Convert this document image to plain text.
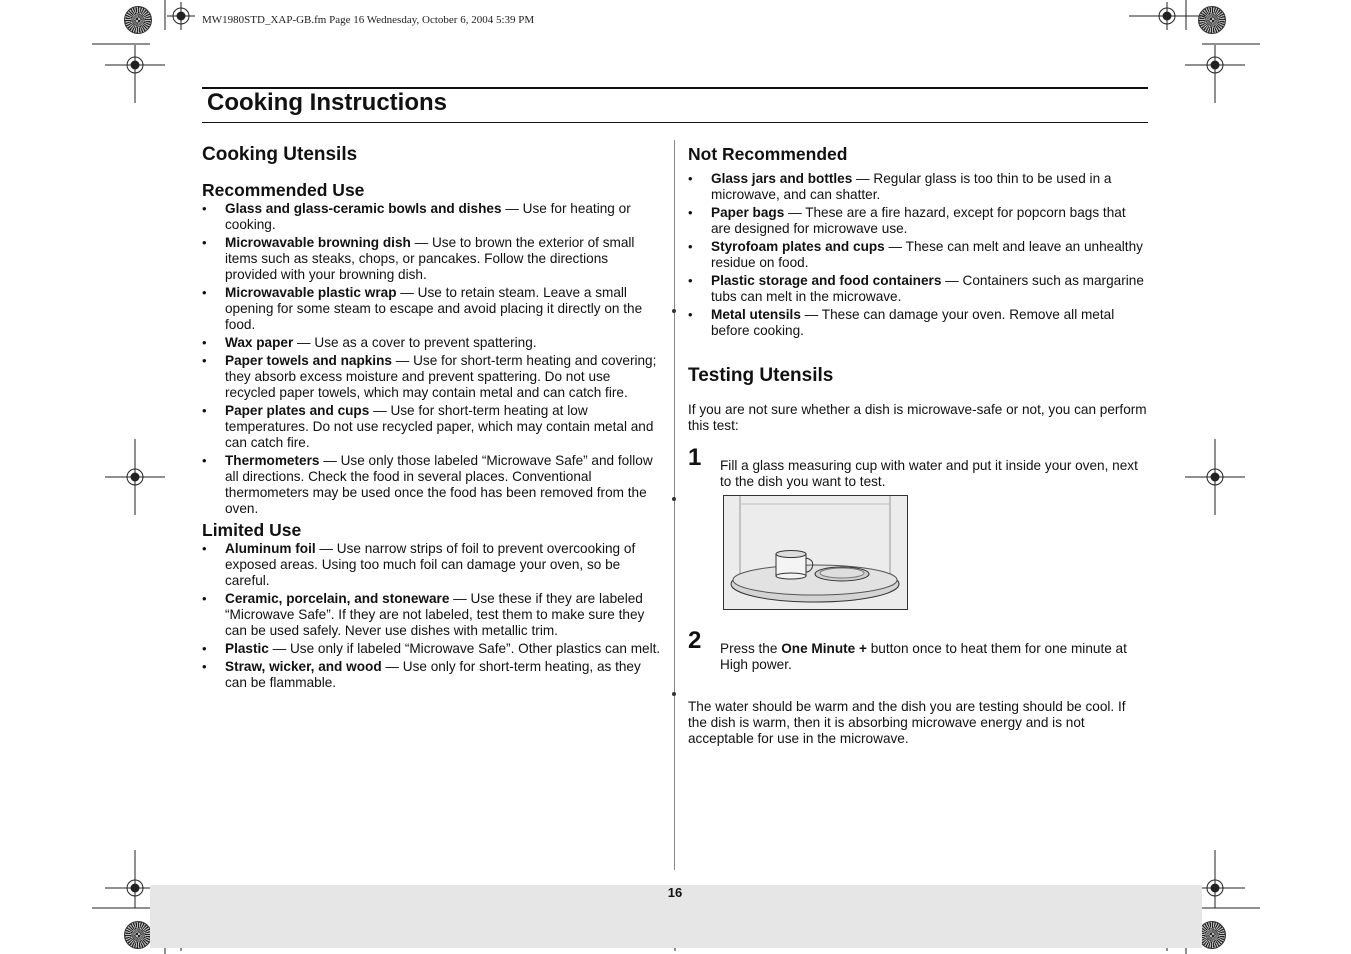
MW1980STD_XAP-GB.fm Page 16 Wednesday, October 6, 2004 5:39 PM
Cooking Instructions
Cooking Utensils
Recommended Use
• Glass and glass-ceramic bowls and dishes — Use for heating or cooking.
• Microwavable browning dish — Use to brown the exterior of small items such as steaks, chops, or pancakes. Follow the directions provided with your browning dish.
• Microwavable plastic wrap — Use to retain steam. Leave a small opening for some steam to escape and avoid placing it directly on the food.
• Wax paper — Use as a cover to prevent spattering.
• Paper towels and napkins — Use for short-term heating and covering; they absorb excess moisture and prevent spattering. Do not use recycled paper towels, which may contain metal and can catch fire.
• Paper plates and cups — Use for short-term heating at low temperatures. Do not use recycled paper, which may contain metal and can catch fire.
• Thermometers — Use only those labeled “Microwave Safe” and follow all directions. Check the food in several places. Conventional thermometers may be used once the food has been removed from the oven.
Limited Use
• Aluminum foil — Use narrow strips of foil to prevent overcooking of exposed areas. Using too much foil can damage your oven, so be careful.
• Ceramic, porcelain, and stoneware — Use these if they are labeled “Microwave Safe”. If they are not labeled, test them to make sure they can be used safely. Never use dishes with metallic trim.
• Plastic — Use only if labeled “Microwave Safe”. Other plastics can melt.
• Straw, wicker, and wood — Use only for short-term heating, as they can be flammable.
Not Recommended
• Glass jars and bottles — Regular glass is too thin to be used in a microwave, and can shatter.
• Paper bags — These are a fire hazard, except for popcorn bags that are designed for microwave use.
• Styrofoam plates and cups — These can melt and leave an unhealthy residue on food.
• Plastic storage and food containers — Containers such as margarine tubs can melt in the microwave.
• Metal utensils — These can damage your oven. Remove all metal before cooking.
Testing Utensils

If you are not sure whether a dish is microwave-safe or not, you can perform this test:

1 Fill a glass measuring cup with water and put it inside your oven, next to the dish you want to test.

2 Press the One Minute + button once to heat them for one minute at High power.

The water should be warm and the dish you are testing should be cool. If the dish is warm, then it is absorbing microwave energy and is not acceptable for use in the microwave.

16
